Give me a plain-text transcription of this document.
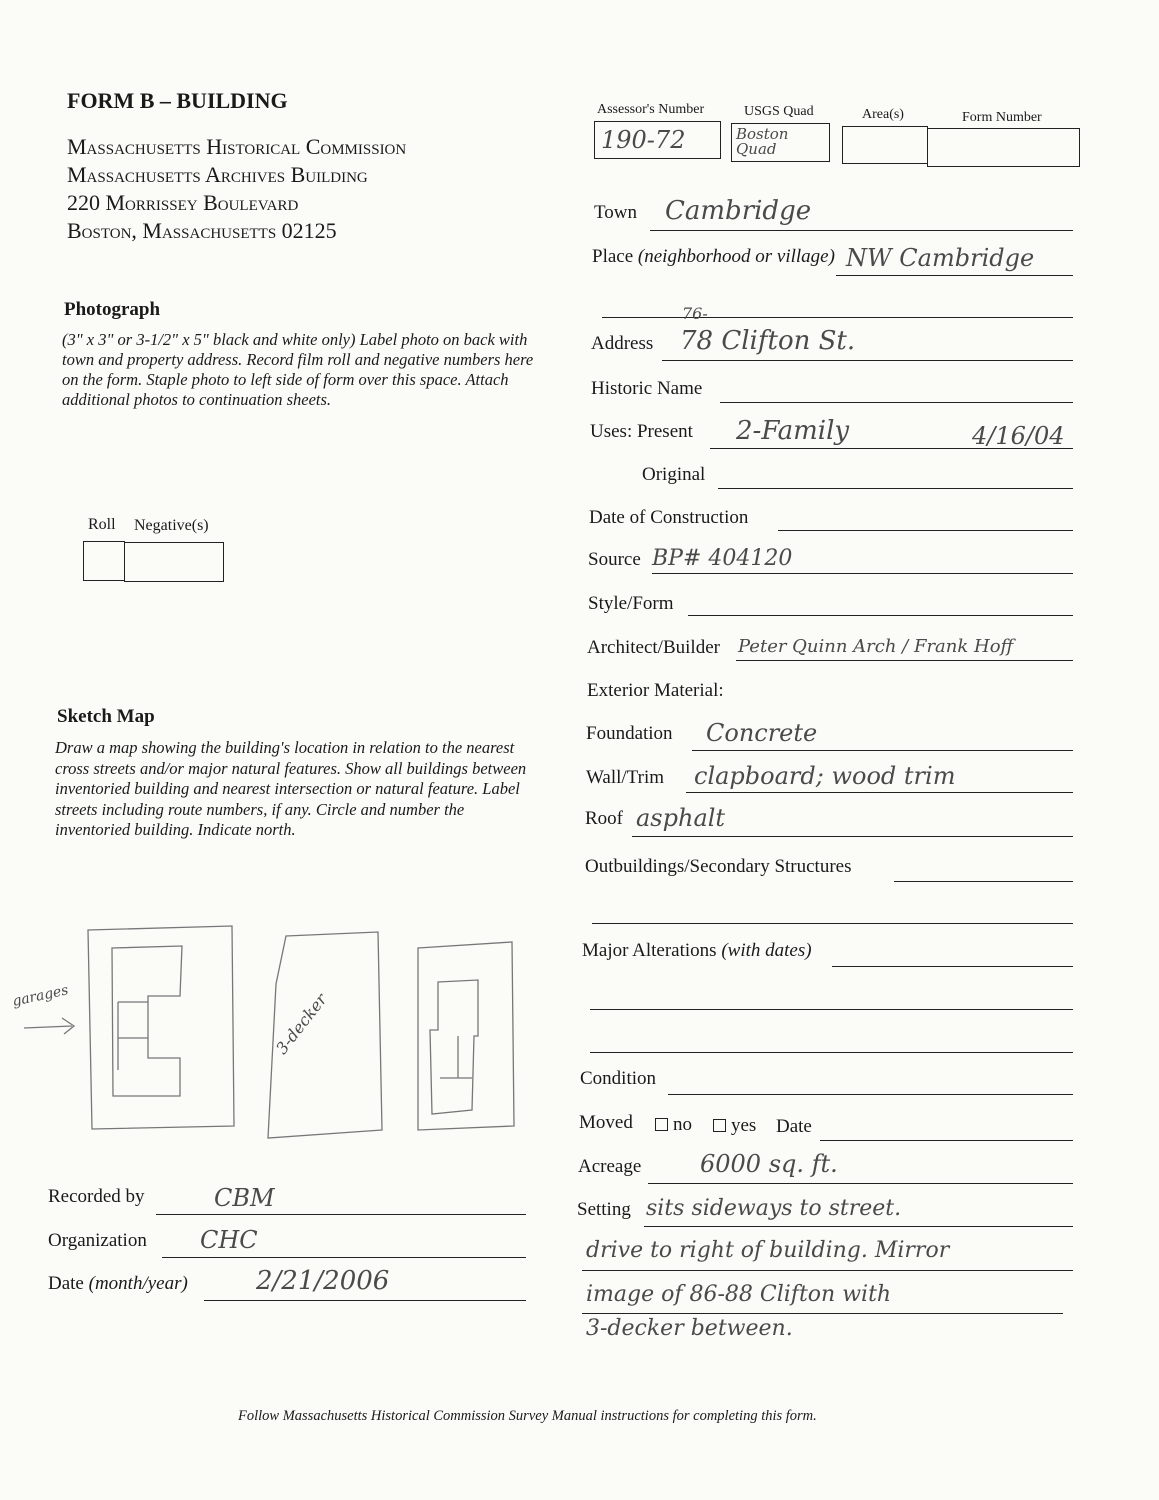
FORM B – BUILDING
Massachusetts Historical Commission
Massachusetts Archives Building
220 Morrissey Boulevard
Boston, Massachusetts 02125
Assessor's Number	USGS Quad	Area(s)	Form Number
190-72	Boston Quad
Photograph
(3" x 3" or 3-1/2" x 5" black and white only) Label photo on back with town and property address. Record film roll and negative numbers here on the form. Staple photo to left side of form over this space. Attach additional photos to continuation sheets.
Roll Negative(s)
Sketch Map
Draw a map showing the building's location in relation to the nearest cross streets and/or major natural features. Show all buildings between inventoried building and nearest intersection or natural feature. Label streets including route numbers, if any. Circle and number the inventoried building. Indicate north.
garages	3-decker
Town Cambridge
Place (neighborhood or village) NW Cambridge
Address
76-
78 Clifton St.
Historic Name
Uses: Present 2-Family	4/16/04
Original
Date of Construction
Source BP# 404120
Style/Form
Architect/Builder Peter Quinn Arch / Frank Hoff
Exterior Material:
Foundation Concrete
Wall/Trim clapboard; wood trim
Roof asphalt
Outbuildings/Secondary Structures
Major Alterations (with dates)
Condition
Moved no yes Date
Acreage 6000 sq. ft.
Setting sits sideways to street.
drive to right of building. Mirror
image of 86-88 Clifton with
3-decker between.
Recorded by	CBM
Organization CHC
Date (month/year)	2/21/2006
Follow Massachusetts Historical Commission Survey Manual instructions for completing this form.
